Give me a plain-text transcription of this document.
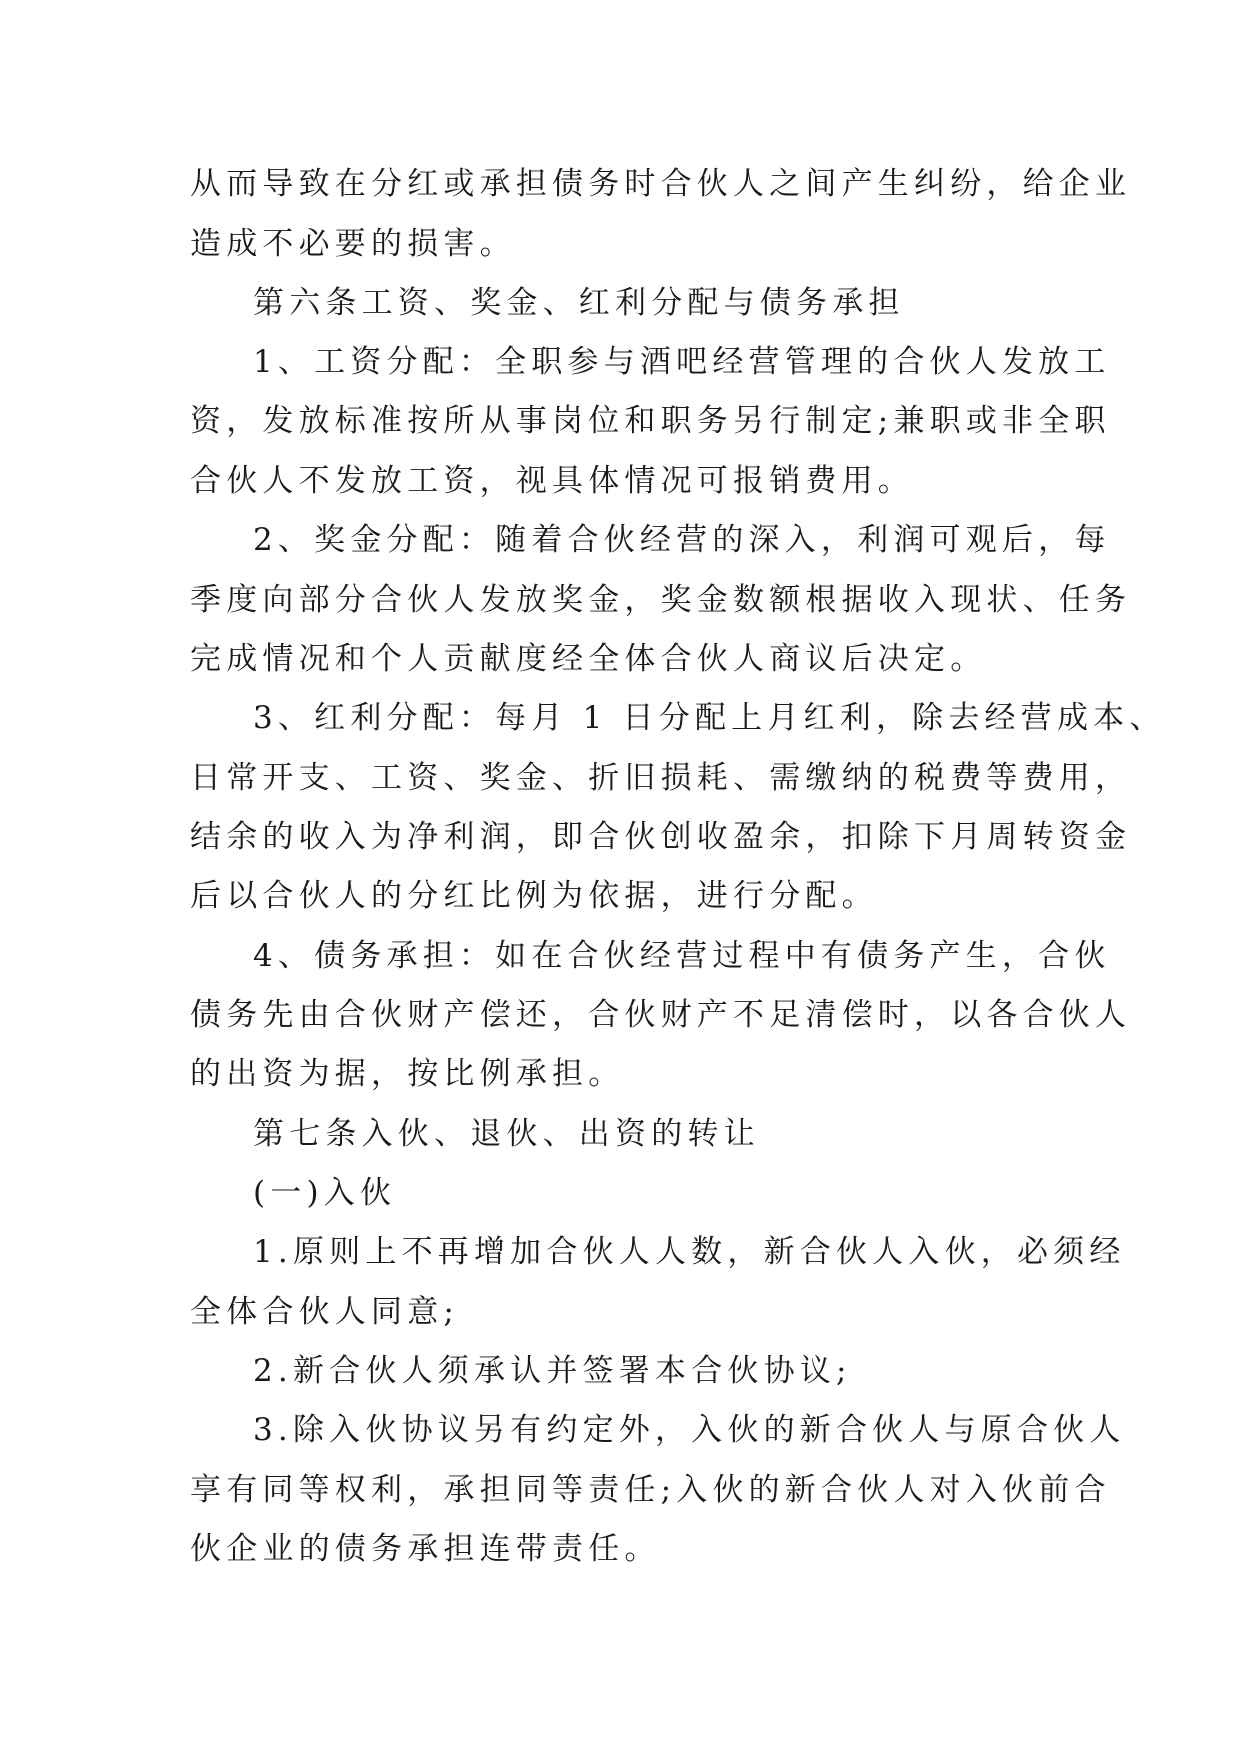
从而导致在分红或承担债务时合伙人之间产生纠纷，给企业
造成不必要的损害。
第六条工资、奖金、红利分配与债务承担
1、工资分配：全职参与酒吧经营管理的合伙人发放工
资，发放标准按所从事岗位和职务另行制定;兼职或非全职
合伙人不发放工资，视具体情况可报销费用。
2、奖金分配：随着合伙经营的深入，利润可观后，每
季度向部分合伙人发放奖金，奖金数额根据收入现状、任务
完成情况和个人贡献度经全体合伙人商议后决定。
3、红利分配：每月 1 日分配上月红利，除去经营成本、
日常开支、工资、奖金、折旧损耗、需缴纳的税费等费用，
结余的收入为净利润，即合伙创收盈余，扣除下月周转资金
后以合伙人的分红比例为依据，进行分配。
4、债务承担：如在合伙经营过程中有债务产生，合伙
债务先由合伙财产偿还，合伙财产不足清偿时，以各合伙人
的出资为据，按比例承担。
第七条入伙、退伙、出资的转让
(一)入伙
1.原则上不再增加合伙人人数，新合伙人入伙，必须经
全体合伙人同意;
2.新合伙人须承认并签署本合伙协议;
3.除入伙协议另有约定外，入伙的新合伙人与原合伙人
享有同等权利，承担同等责任;入伙的新合伙人对入伙前合
伙企业的债务承担连带责任。
